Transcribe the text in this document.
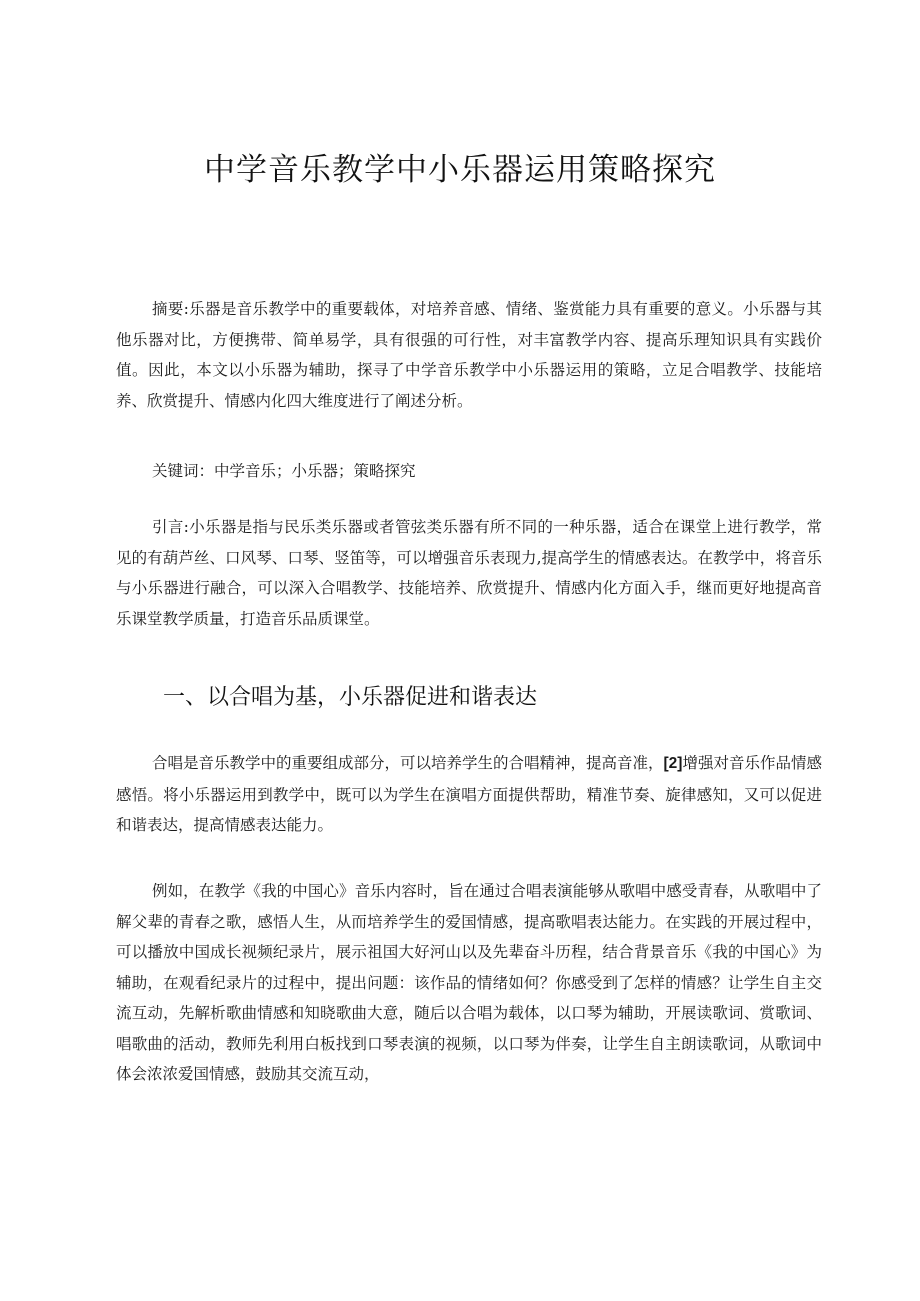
中学音乐教学中小乐器运用策略探究

摘要:乐器是音乐教学中的重要载体，对培养音感、情绪、鉴赏能力具有重要的意义。小乐器与其他乐器对比，方便携带、简单易学，具有很强的可行性，对丰富教学内容、提高乐理知识具有实践价值。因此，本文以小乐器为辅助，探寻了中学音乐教学中小乐器运用的策略，立足合唱教学、技能培养、欣赏提升、情感内化四大维度进行了阐述分析。

关键词：中学音乐；小乐器；策略探究

引言:小乐器是指与民乐类乐器或者管弦类乐器有所不同的一种乐器，适合在课堂上进行教学，常见的有葫芦丝、口风琴、口琴、竖笛等，可以增强音乐表现力,提高学生的情感表达。在教学中，将音乐与小乐器进行融合，可以深入合唱教学、技能培养、欣赏提升、情感内化方面入手，继而更好地提高音乐课堂教学质量，打造音乐品质课堂。

一、以合唱为基，小乐器促进和谐表达

合唱是音乐教学中的重要组成部分，可以培养学生的合唱精神，提高音准，[2]增强对音乐作品情感感悟。将小乐器运用到教学中，既可以为学生在演唱方面提供帮助，精准节奏、旋律感知，又可以促进和谐表达，提高情感表达能力。

例如，在教学《我的中国心》音乐内容时，旨在通过合唱表演能够从歌唱中感受青春，从歌唱中了解父辈的青春之歌，感悟人生，从而培养学生的爱国情感，提高歌唱表达能力。在实践的开展过程中，可以播放中国成长视频纪录片，展示祖国大好河山以及先辈奋斗历程，结合背景音乐《我的中国心》为辅助，在观看纪录片的过程中，提出问题：该作品的情绪如何？你感受到了怎样的情感？让学生自主交流互动，先解析歌曲情感和知晓歌曲大意，随后以合唱为载体，以口琴为辅助，开展读歌词、赏歌词、唱歌曲的活动，教师先利用白板找到口琴表演的视频，以口琴为伴奏，让学生自主朗读歌词，从歌词中体会浓浓爱国情感，鼓励其交流互动，
